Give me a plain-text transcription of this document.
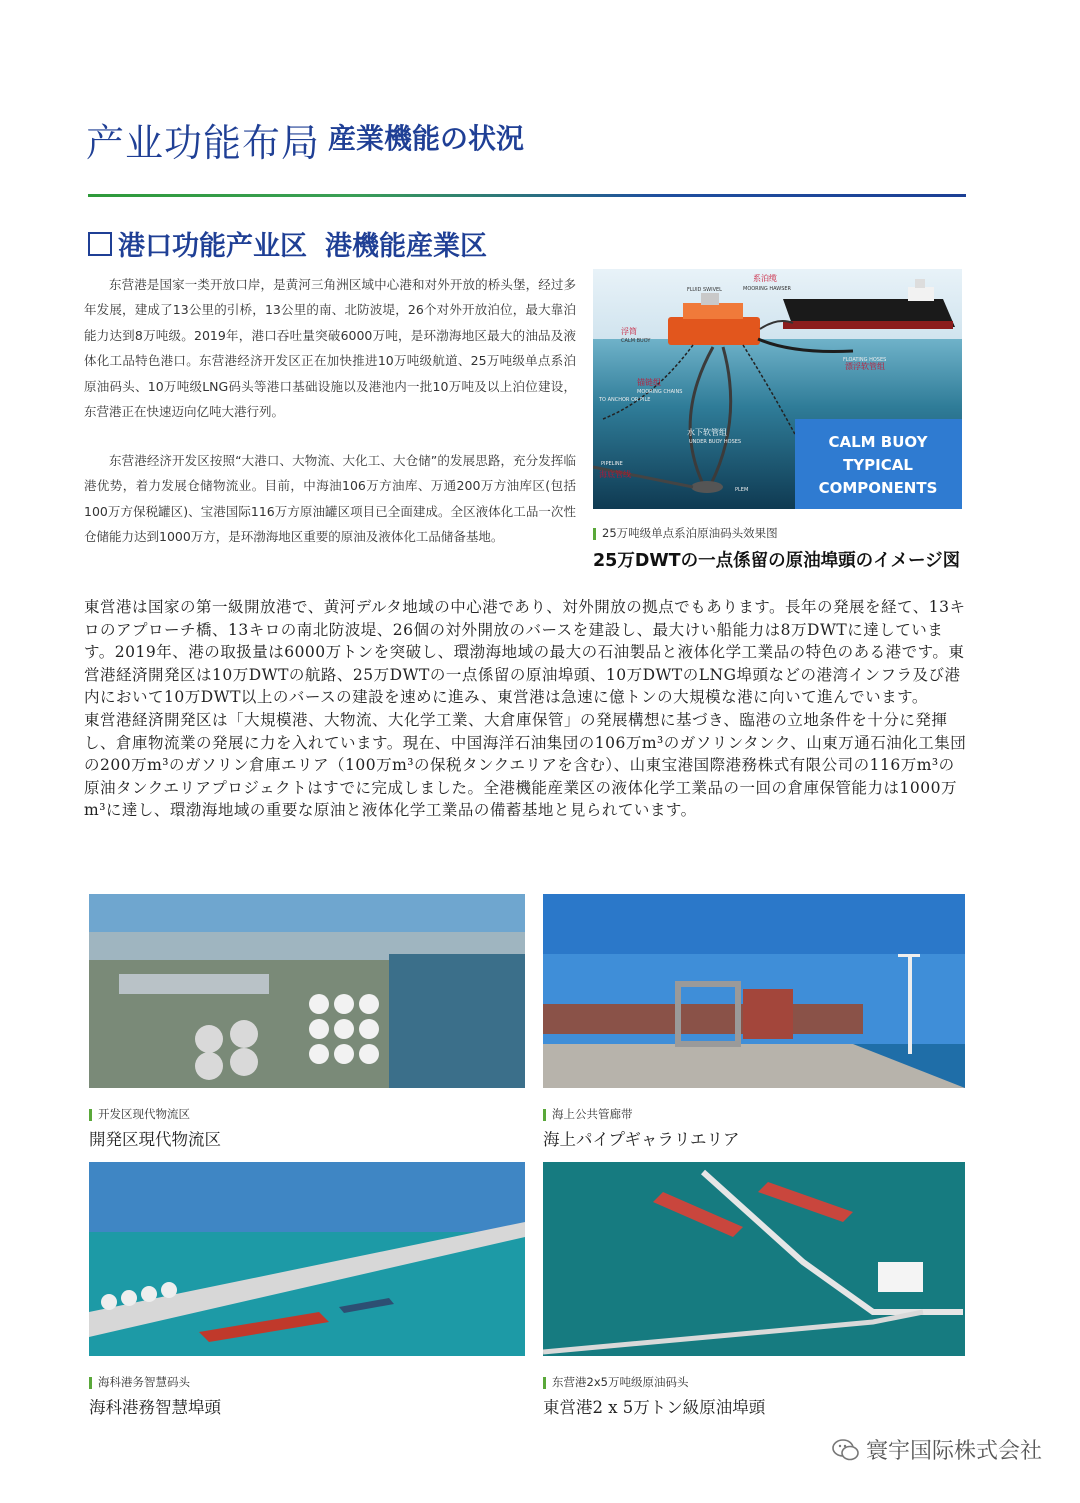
产业功能布局 産業機能の状況
港口功能产业区 港機能産業区

东营港是国家一类开放口岸，是黄河三角洲区域中心港和对外开放的桥头堡，经过多年发展，建成了13公里的引桥，13公里的南、北防波堤，26个对外开放泊位，最大靠泊能力达到8万吨级。2019年，港口吞吐量突破6000万吨，是环渤海地区最大的油品及液体化工品特色港口。东营港经济开发区正在加快推进10万吨级航道、25万吨级单点系泊原油码头、10万吨级LNG码头等港口基础设施以及港池内一批10万吨及以上泊位建设，东营港正在快速迈向亿吨大港行列。

东营港经济开发区按照“大港口、大物流、大化工、大仓储”的发展思路，充分发挥临港优势，着力发展仓储物流业。目前，中海油106万方油库、万通200万方油库区(包括100万方保税罐区)、宝港国际116万方原油罐区项目已全面建成。全区液体化工品一次性仓储能力达到1000万方，是环渤海地区重要的原油及液体化工品储备基地。

系泊缆
MOORING HAWSER
FLUID SWIVEL
浮筒
CALM BUOY
FLOATING HOSES
漂浮软管组
锚链组
MOORING CHAINS
TO ANCHOR OR PILE
水下软管组
UNDER BUOY HOSES
PIPELINE
海底管线
PLEM
CALM BUOY
TYPICAL
COMPONENTS
25万吨级单点系泊原油码头效果图
25万DWTの一点係留の原油埠頭のイメージ図

東営港は国家の第一級開放港で、黄河デルタ地域の中心港であり、対外開放の拠点でもあります。長年の発展を経て、13キロのアプローチ橋、13キロの南北防波堤、26個の対外開放のバースを建設し、最大けい船能力は8万DWTに達しています。2019年、港の取扱量は6000万トンを突破し、環渤海地域の最大の石油製品と液体化学工業品の特色のある港です。東営港経済開発区は10万DWTの航路、25万DWTの一点係留の原油埠頭、10万DWTのLNG埠頭などの港湾インフラ及び港内において10万DWT以上のバースの建設を速めに進み、東営港は急速に億トンの大規模な港に向いて進んでいます。

東営港経済開発区は「大規模港、大物流、大化学工業、大倉庫保管」の発展構想に基づき、臨港の立地条件を十分に発揮し、倉庫物流業の発展に力を入れています。現在、中国海洋石油集団の106万m³のガソリンタンク、山東万通石油化工集団の200万m³のガソリン倉庫エリア（100万m³の保税タンクエリアを含む）、山東宝港国際港務株式有限公司の116万m³の原油タンクエリアプロジェクトはすでに完成しました。全港機能産業区の液体化学工業品の一回の倉庫保管能力は1000万m³に達し、環渤海地域の重要な原油と液体化学工業品の備蓄基地と見られています。

开发区现代物流区
開発区現代物流区
海上公共管廊带
海上パイプギャラリエリア
海科港务智慧码头
海科港務智慧埠頭
东营港2x5万吨级原油码头
東営港2 x 5万トン級原油埠頭
寰宇国际株式会社
